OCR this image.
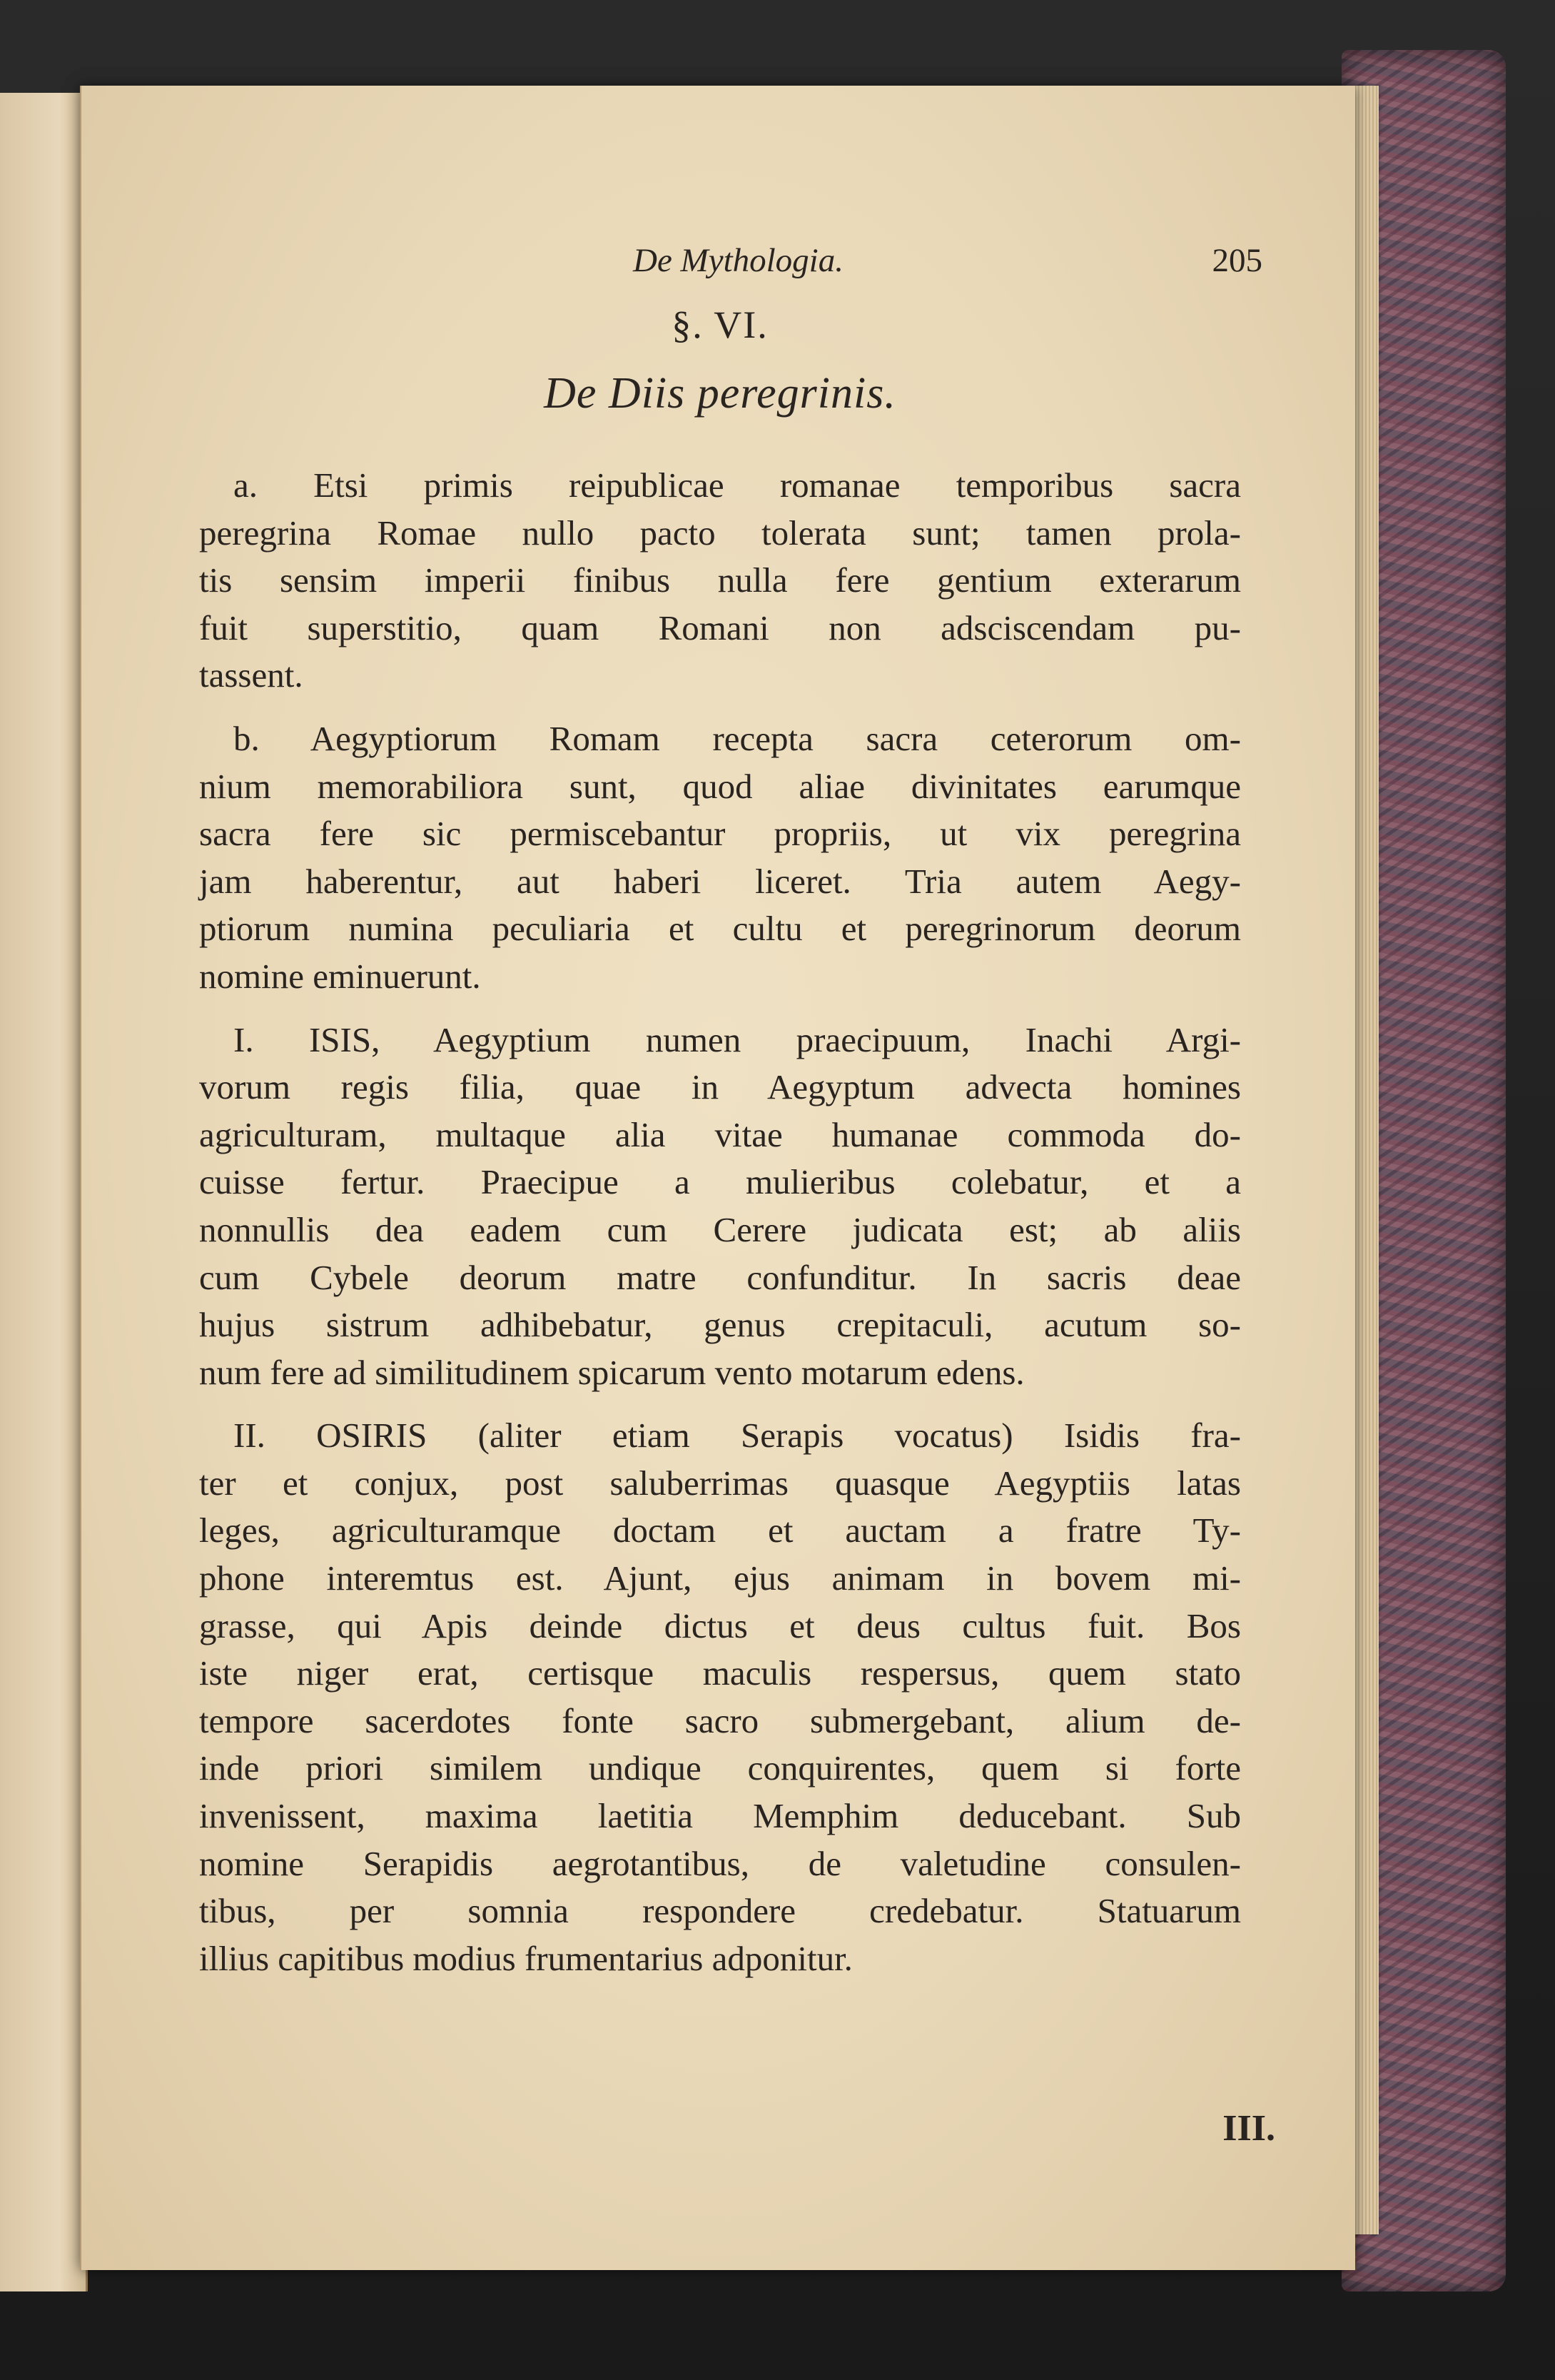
De Mythologia.	205
§. VI.
De Diis peregrinis.
a. Etsi primis reipublicae romanae temporibus sacra
peregrina Romae nullo pacto tolerata sunt; tamen prola-
tis sensim imperii finibus nulla fere gentium exterarum
fuit superstitio, quam Romani non adsciscendam pu-
tassent.
b. Aegyptiorum Romam recepta sacra ceterorum om-
nium memorabiliora sunt, quod aliae divinitates earumque
sacra fere sic permiscebantur propriis, ut vix peregrina
jam haberentur, aut haberi liceret. Tria autem Aegy-
ptiorum numina peculiaria et cultu et peregrinorum deorum
nomine eminuerunt.
I. ISIS, Aegyptium numen praecipuum, Inachi Argi-
vorum regis filia, quae in Aegyptum advecta homines
agriculturam, multaque alia vitae humanae commoda do-
cuisse fertur. Praecipue a mulieribus colebatur, et a
nonnullis dea eadem cum Cerere judicata est; ab aliis
cum Cybele deorum matre confunditur. In sacris deae
hujus sistrum adhibebatur, genus crepitaculi, acutum so-
num fere ad similitudinem spicarum vento motarum edens.
II. OSIRIS (aliter etiam Serapis vocatus) Isidis fra-
ter et conjux, post saluberrimas quasque Aegyptiis latas
leges, agriculturamque doctam et auctam a fratre Ty-
phone interemtus est. Ajunt, ejus animam in bovem mi-
grasse, qui Apis deinde dictus et deus cultus fuit. Bos
iste niger erat, certisque maculis respersus, quem stato
tempore sacerdotes fonte sacro submergebant, alium de-
inde priori similem undique conquirentes, quem si forte
invenissent, maxima laetitia Memphim deducebant. Sub
nomine Serapidis aegrotantibus, de valetudine consulen-
tibus, per somnia respondere credebatur. Statuarum
illius capitibus modius frumentarius adponitur.
III.
